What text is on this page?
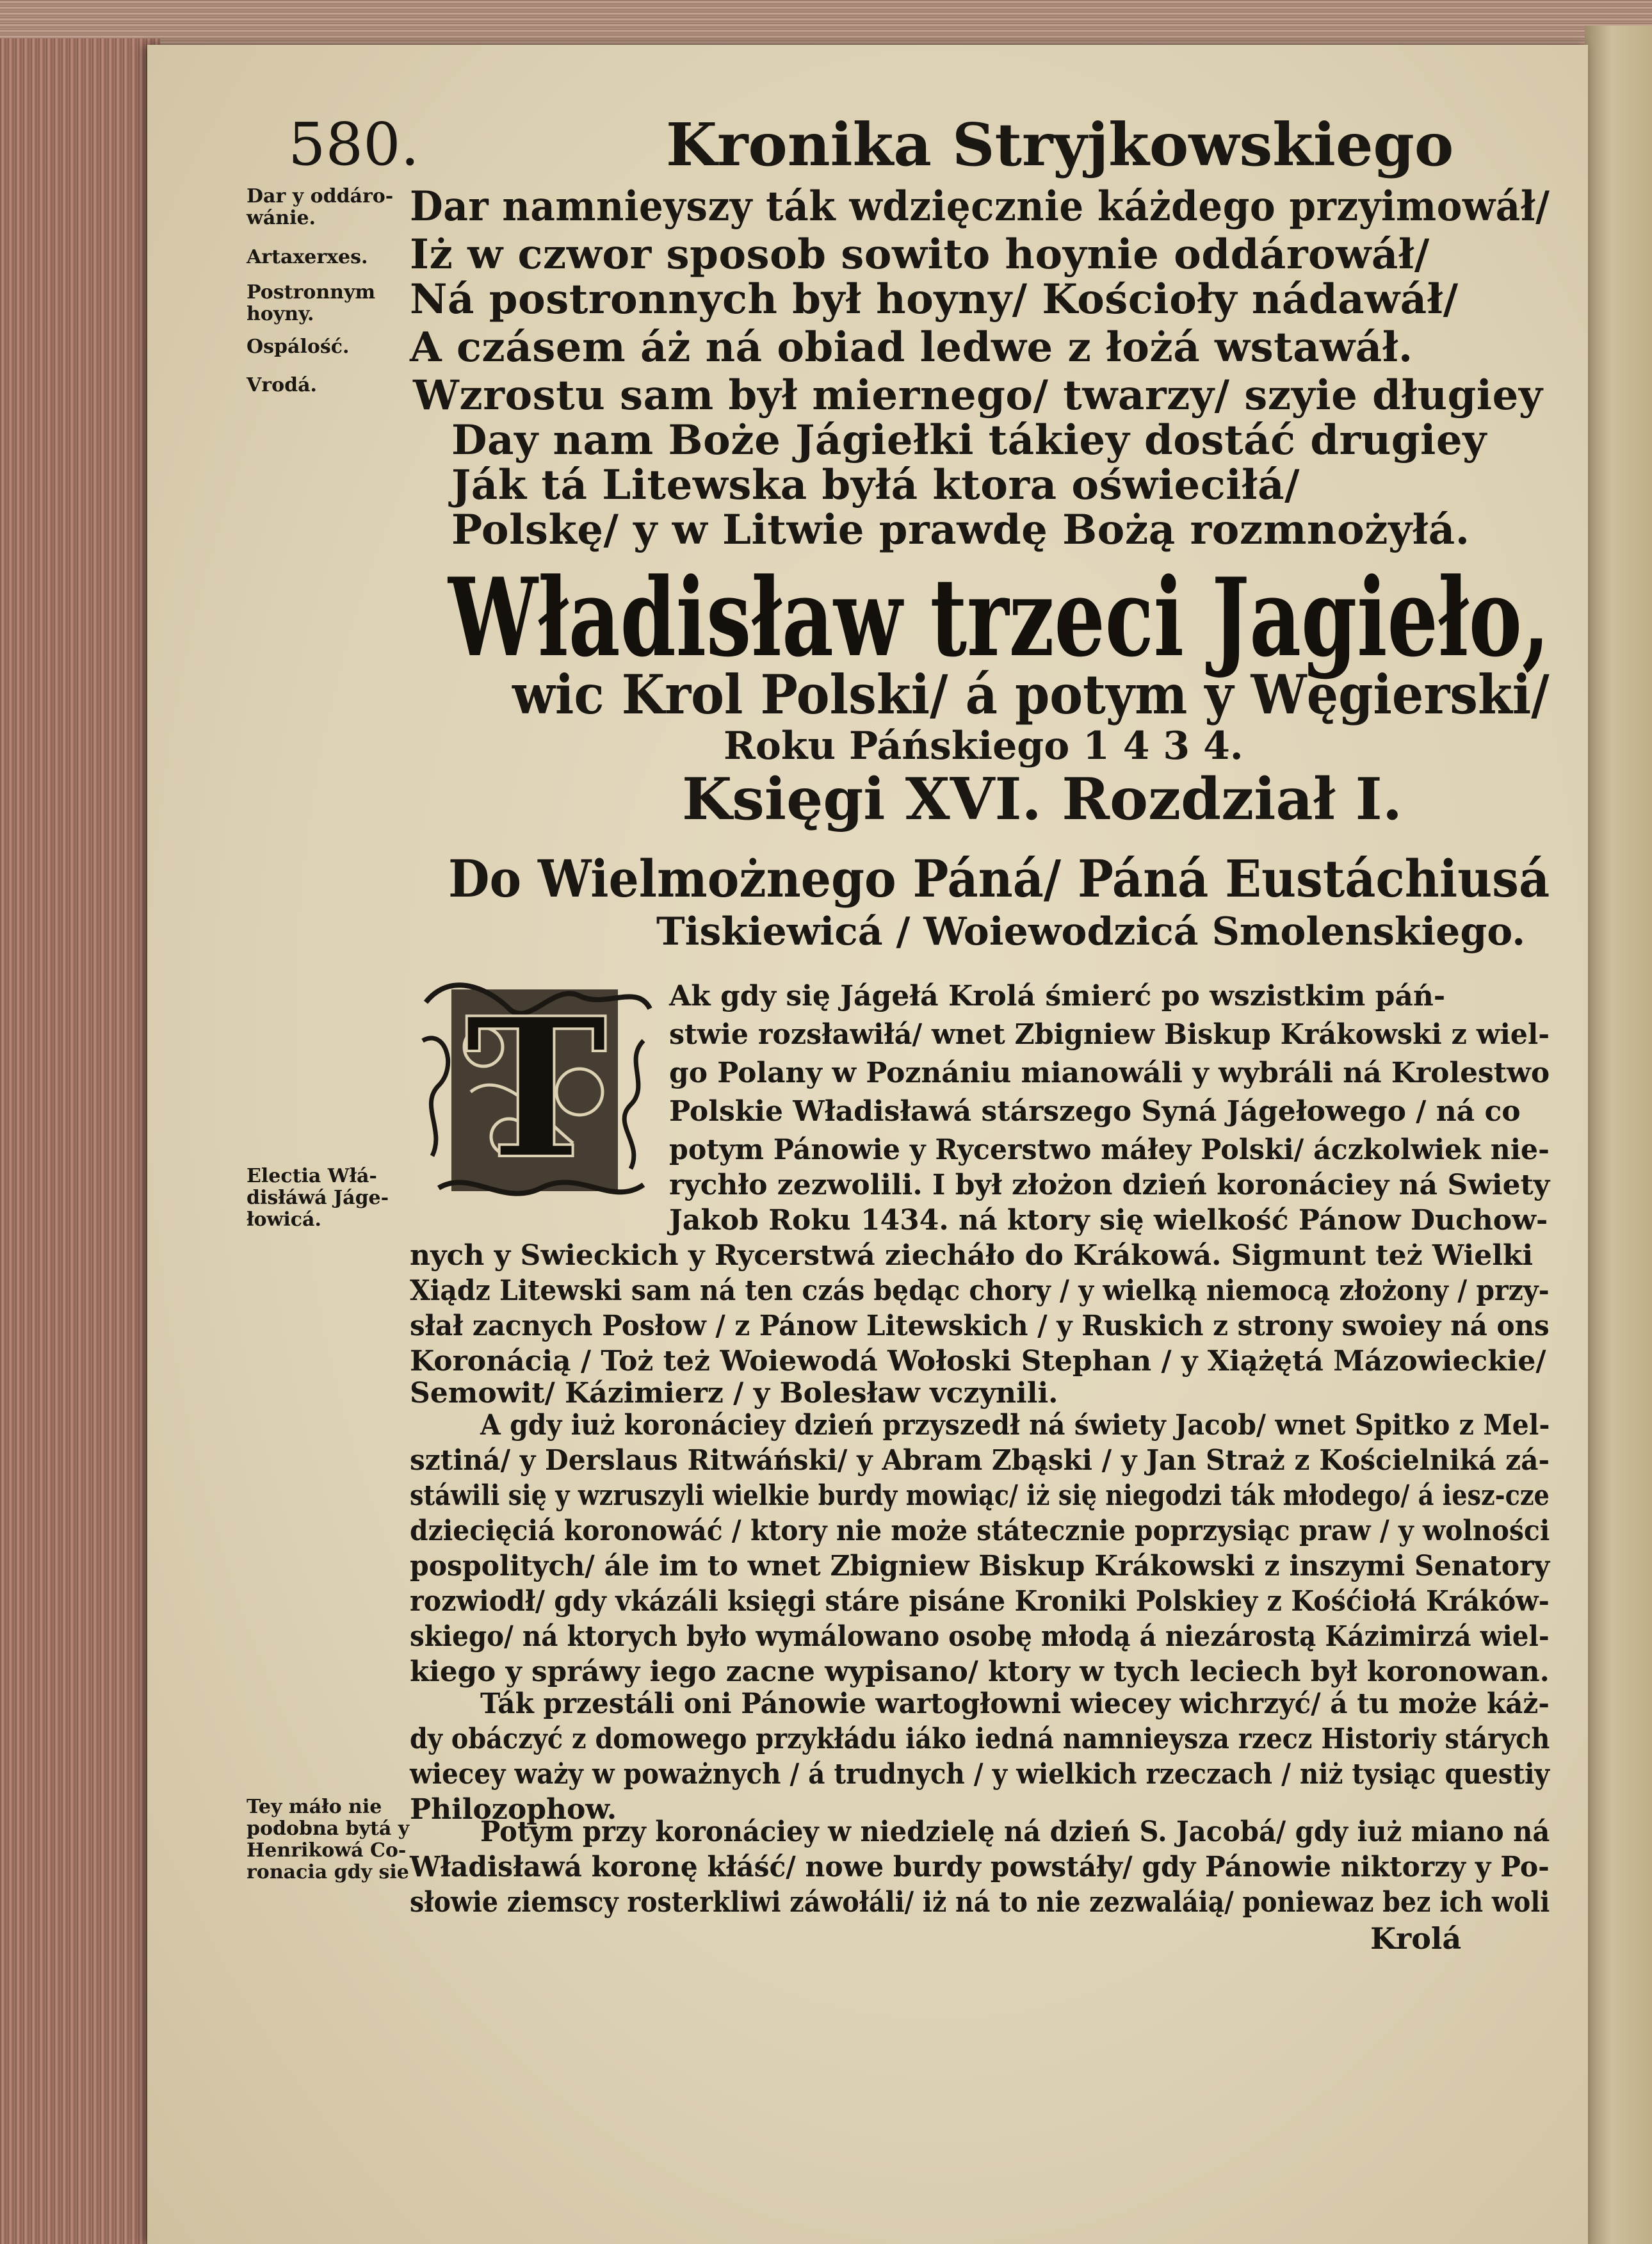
580.	Kronika Stryjkowskiego
Dar y oddáro-
wánie.
Artaxerxes.
Postronnym
hoyny.
Ospálość.
Vrodá.
Dar namnieyszy ták wdzięcznie káżdego przyimowáł/
Iż w czwor sposob sowito hoynie oddárowáł/
Ná postronnych był hoyny/ Kościoły nádawáł/
A czásem áż ná obiad ledwe z łożá wstawáł.
Wzrostu sam był miernego/ twarzy/ szyie długiey
Day nam Boże Jágiełki tákiey dostáć drugiey
Ják tá Litewska byłá ktora oświeciłá/
Polskę/ y w Litwie prawdę Bożą rozmnożyłá.
Władisław trzeci Jagieło,
wic Krol Polski/ á potym y Węgierski/
Roku Páńskiego 1 4 3 4.
Księgi XVI. Rozdział I.
Do Wielmożnego Páná/ Páná Eustáchiusá
Tiskiewicá / Woiewodzicá Smolenskiego.
T
Electia Włá-
disłáwá Jáge-
łowicá.
Tey máło nie
podobna bytá y
Henrikowá Co-
ronacia gdy sie
Ak gdy się Jágełá Krolá śmierć po wszistkim páń-
stwie rozsławiłá/ wnet Zbigniew Biskup Krákowski z wiel-
go Polany w Poznániu mianowáli y wybráli ná Krolestwo
Polskie Władisławá stárszego Syná Jágełowego / ná co
potym Pánowie y Rycerstwo máłey Polski/ áczkolwiek nie-
rychło zezwolili. I był złożon dzień koronáciey ná Swiety
Jakob Roku 1434. ná ktory się wielkość Pánow Duchow-
nych y Swieckich y Rycerstwá ziecháło do Krákowá. Sigmunt też Wielki
Xiądz Litewski sam ná ten czás będąc chory / y wielką niemocą złożony / przy-
słał zacnych Posłow / z Pánow Litewskich / y Ruskich z strony swoiey ná ons
Koronácią / Toż też Woiewodá Wołoski Stephan / y Xiążętá Mázowieckie/
Semowit/ Kázimierz / y Bolesław vczynili.
A gdy iuż koronáciey dzień przyszedł ná świety Jacob/ wnet Spitko z Mel-
sztiná/ y Derslaus Ritwáński/ y Abram Zbąski / y Jan Straż z Kościelniká zá-
stáwili się y wzruszyli wielkie burdy mowiąc/ iż się niegodzi ták młodego/ á iesz-cze
dziecięciá koronowáć / ktory nie może státecznie poprzysiąc praw / y wolności
pospolitych/ ále im to wnet Zbigniew Biskup Krákowski z inszymi Senatory
rozwiodł/ gdy vkázáli księgi stáre pisáne Kroniki Polskiey z Kośćiołá Kráków-
skiego/ ná ktorych było wymálowano osobę młodą á niezárostą Kázimirzá wiel-
kiego y spráwy iego zacne wypisano/ ktory w tych leciech był koronowan.
Ták przestáli oni Pánowie wartogłowni wiecey wichrzyć/ á tu może káż-
dy obáczyć z domowego przykłádu iáko iedná namnieysza rzecz Historiy stárych
wiecey waży w poważnych / á trudnych / y wielkich rzeczach / niż tysiąc questiy
Philozophow.
Potym przy koronáciey w niedzielę ná dzień S. Jacobá/ gdy iuż miano ná
Władisławá koronę kłáść/ nowe burdy powstáły/ gdy Pánowie niktorzy y Po-
słowie ziemscy rosterkliwi záwołáli/ iż ná to nie zezwaláią/ poniewaz bez ich woli
Krolá
